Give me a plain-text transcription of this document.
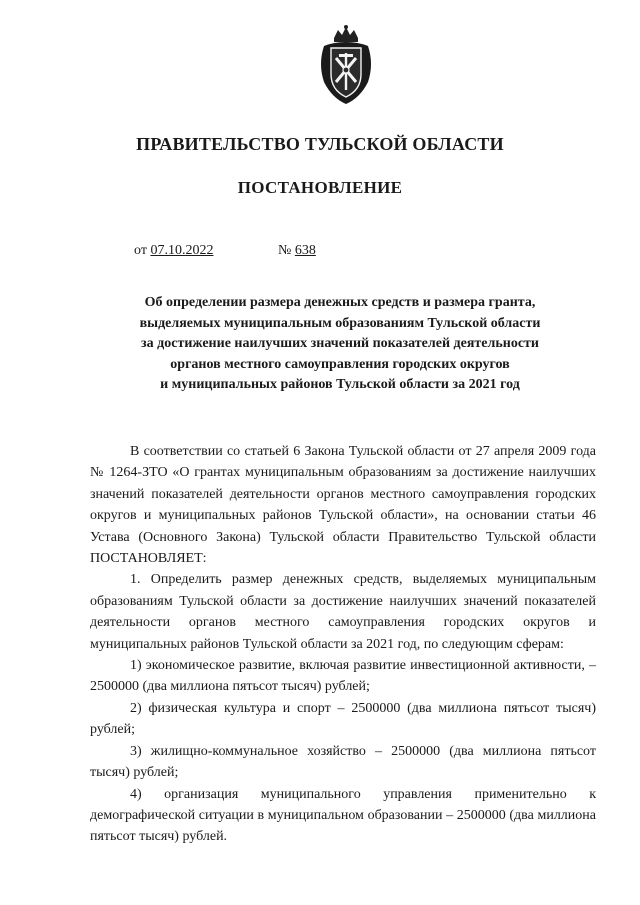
ПРАВИТЕЛЬСТВО ТУЛЬСКОЙ ОБЛАСТИ
ПОСТАНОВЛЕНИЕ
от 07.10.2022	№ 638
Об определении размера денежных средств и размера гранта,
выделяемых муниципальным образованиям Тульской области
за достижение наилучших значений показателей деятельности
органов местного самоуправления городских округов
и муниципальных районов Тульской области за 2021 год

В соответствии со статьей 6 Закона Тульской области от 27 апреля 2009 года № 1264-ЗТО «О грантах муниципальным образованиям за достижение наилучших значений показателей деятельности органов местного самоуправления городских округов и муниципальных районов Тульской области», на основании статьи 46 Устава (Основного Закона) Тульской области Правительство Тульской области ПОСТАНОВЛЯЕТ:

1. Определить размер денежных средств, выделяемых муниципальным образованиям Тульской области за достижение наилучших значений показателей деятельности органов местного самоуправления городских округов и муниципальных районов Тульской области за 2021 год, по следующим сферам:

1) экономическое развитие, включая развитие инвестиционной активности, – 2500000 (два миллиона пятьсот тысяч) рублей;

2) физическая культура и спорт – 2500000 (два миллиона пятьсот тысяч) рублей;

3) жилищно-коммунальное хозяйство – 2500000 (два миллиона пятьсот тысяч) рублей;

4) организация муниципального управления применительно к демографической ситуации в муниципальном образовании – 2500000 (два миллиона пятьсот тысяч) рублей.
